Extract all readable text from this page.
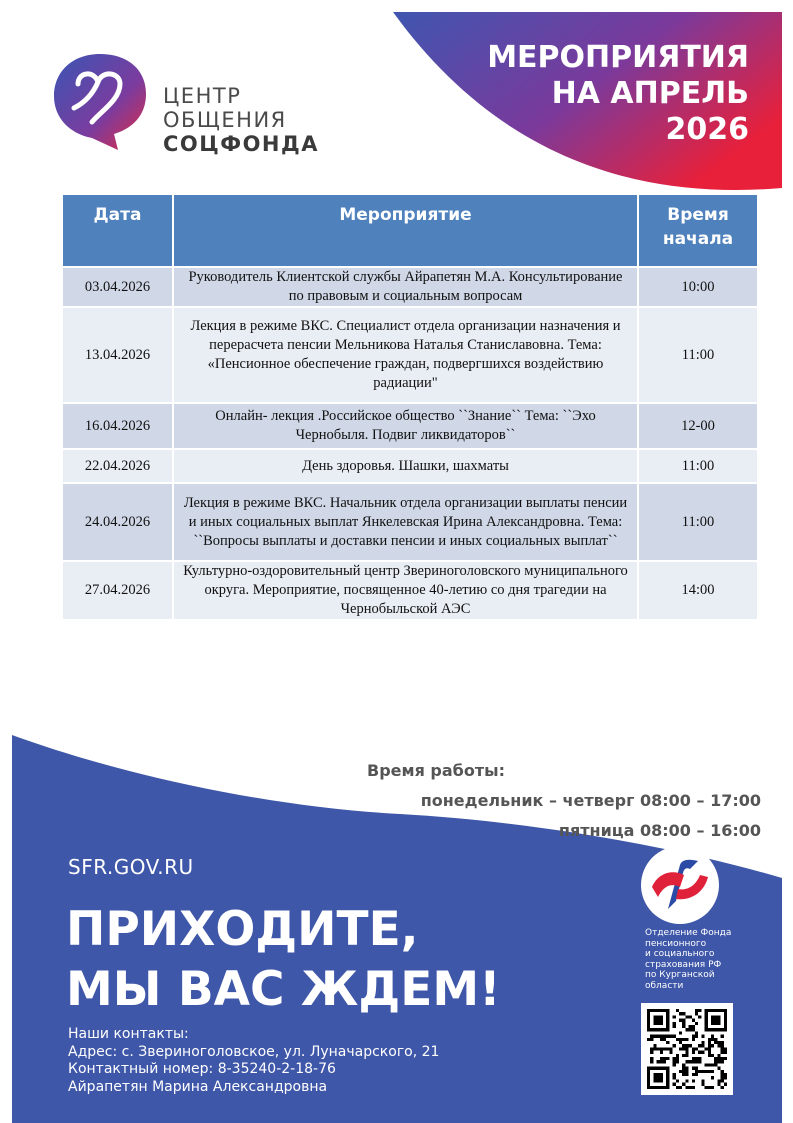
ЦЕНТР
ОБЩЕНИЯ
СОЦФОНДА
МЕРОПРИЯТИЯ
НА АПРЕЛЬ
2026
Дата	Мероприятие	Время начала
03.04.2026	Руководитель Клиентской службы Айрапетян М.А. Консультирование по правовым и социальным вопросам	10:00
13.04.2026	Лекция в режиме ВКС. Специалист отдела организации назначения и перерасчета пенсии Мельникова Наталья Станиславовна. Тема: «Пенсионное обеспечение граждан, подвергшихся воздействию радиации"	11:00
16.04.2026	Онлайн- лекция .Российское общество ``Знание`` Тема: ``Эхо Чернобыля. Подвиг ликвидаторов``	12-00
22.04.2026	День здоровья. Шашки, шахматы	11:00
24.04.2026	Лекция в режиме ВКС. Начальник отдела организации выплаты пенсии и иных социальных выплат Янкелевская Ирина Александровна. Тема: ``Вопросы выплаты и доставки пенсии и иных социальных выплат``	11:00
27.04.2026	Культурно-оздоровительный центр Звериноголовского муниципального округа. Мероприятие, посвященное 40-летию со дня трагедии на Чернобыльской АЭС	14:00
Время работы:
понедельник – четверг 08:00 – 17:00
пятница 08:00 – 16:00
SFR.GOV.RU
ПРИХОДИТЕ,
МЫ ВАС ЖДЕМ!
Наши контакты:
Адрес: с. Звериноголовское, ул. Луначарского, 21
Контактный номер: 8-35240-2-18-76
Айрапетян Марина Александровна
Отделение Фонда
пенсионного
и социального
страхования РФ
по Курганской
области
